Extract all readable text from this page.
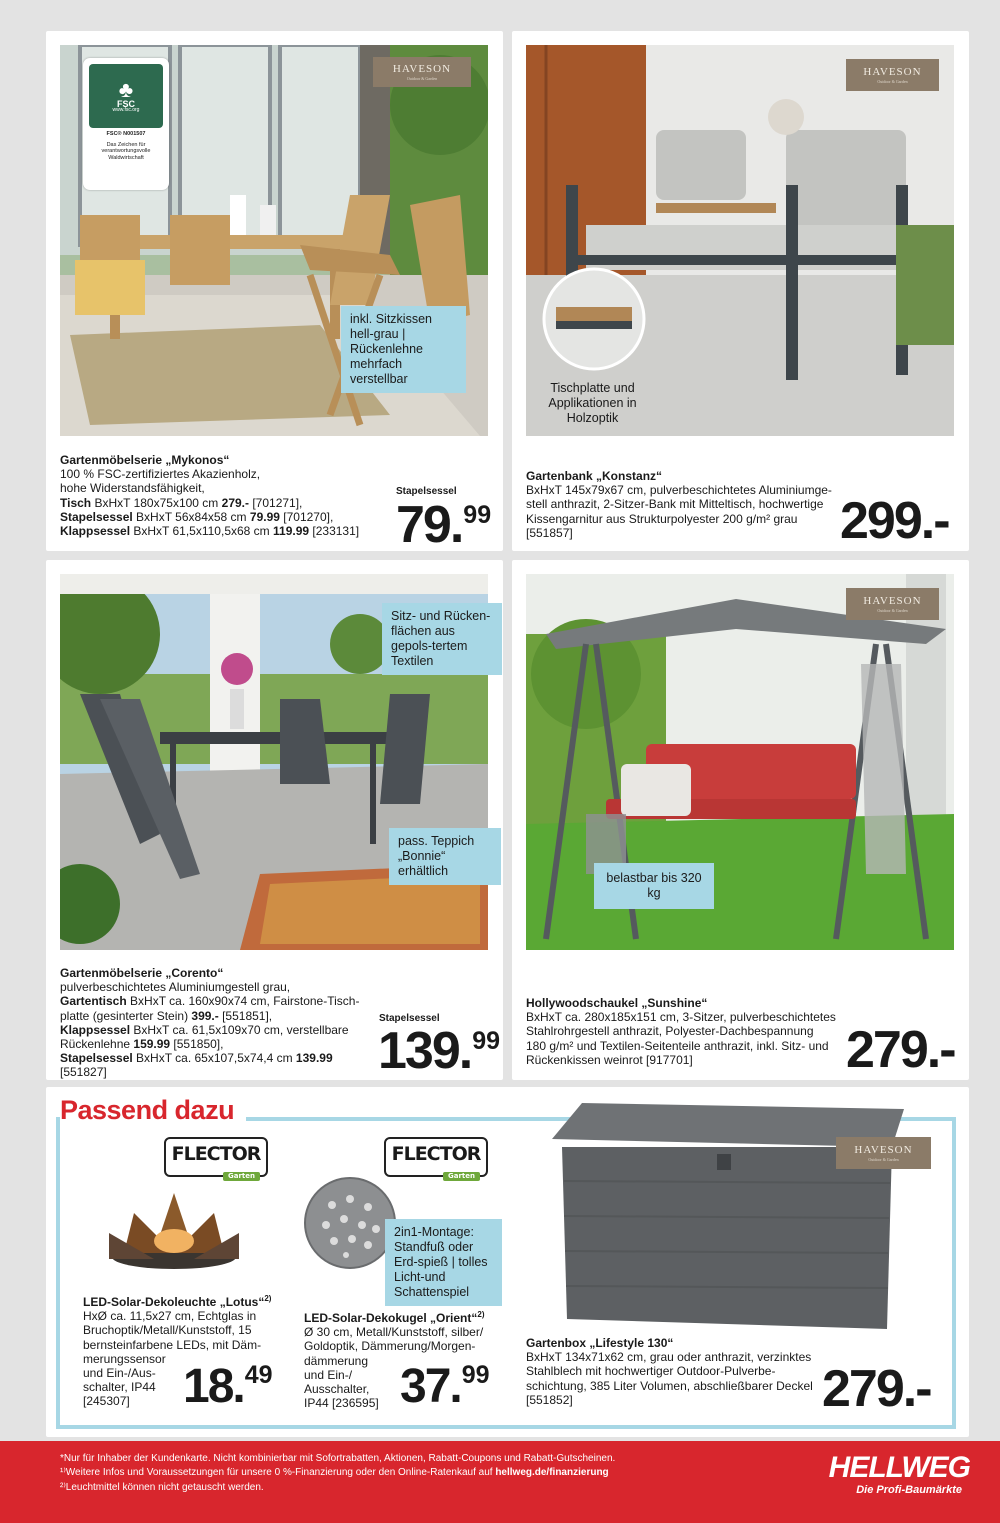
♣
FSC
www.fsc.org
FSC® N001507
Das Zeichen für verantwortungsvolle Waldwirtschaft
HAVESON
Outdoor & Garden
inkl. Sitzkissen hell-grau | Rückenlehne mehrfach verstellbar
Gartenmöbelserie „Mykonos“
100 % FSC-zertifiziertes Akazienholz,
hohe Widerstandsfähigkeit,
Tisch BxHxT 180x75x100 cm 279.- [701271],
Stapelsessel BxHxT 56x84x58 cm 79.99 [701270],
Klappsessel BxHxT 61,5x110,5x68 cm 119.99 [233131]
Stapelsessel
79.99
HAVESON
Outdoor & Garden
Tischplatte und Applikationen in Holzoptik
Gartenbank „Konstanz“
BxHxT 145x79x67 cm, pulverbeschichtetes Aluminiumge-
stell anthrazit, 2-Sitzer-Bank mit Mitteltisch, hochwertige
Kissengarnitur aus Strukturpolyester 200 g/m² grau
[551857]	299.-
Sitz- und Rücken-flächen aus gepols-tertem Textilen
pass. Teppich „Bonnie“ erhältlich
Gartenmöbelserie „Corento“
pulverbeschichtetes Aluminiumgestell grau,
Gartentisch BxHxT ca. 160x90x74 cm, Fairstone-Tisch-
platte (gesinterter Stein) 399.- [551851],
Klappsessel BxHxT ca. 61,5x109x70 cm, verstellbare
Rückenlehne 159.99 [551850],
Stapelsessel BxHxT ca. 65x107,5x74,4 cm 139.99 [551827]
Stapelsessel
139.99
HAVESON
Outdoor & Garden
belastbar bis 320 kg
Hollywoodschaukel „Sunshine“
BxHxT ca. 280x185x151 cm, 3-Sitzer, pulverbeschichtetes
Stahlrohrgestell anthrazit, Polyester-Dachbespannung
180 g/m² und Textilen-Seitenteile anthrazit, inkl. Sitz- und
Rückenkissen weinrot [917701]	279.-
Passend dazu
Garten
FLECTOR
LED-Solar-Dekoleuchte „Lotus“$^{2)}$
HxØ ca. 11,5x27 cm, Echtglas in
Bruchoptik/Metall/Kunststoff, 15
bernsteinfarbene LEDs, mit Däm-
merungssensor
und Ein-/Aus-
schalter, IP44
[245307]	18.49
Garten
FLECTOR
2in1-Montage: Standfuß oder Erd-spieß | tolles Licht-und Schattenspiel
LED-Solar-Dekokugel „Orient“$^{2)}$
Ø 30 cm, Metall/Kunststoff, silber/
Goldoptik, Dämmerung/Morgen-
dämmerung
und Ein-/
Ausschalter,
IP44 [236595] 37.99
HAVESON
Outdoor & Garden
Gartenbox „Lifestyle 130“
BxHxT 134x71x62 cm, grau oder anthrazit, verzinktes
Stahlblech mit hochwertiger Outdoor-Pulverbe-
schichtung, 385 Liter Volumen, abschließbarer Deckel
[551852]	279.-
*Nur für Inhaber der Kundenkarte. Nicht kombinierbar mit Sofortrabatten, Aktionen, Rabatt-Coupons und Rabatt-Gutscheinen.
¹⁾Weitere Infos und Voraussetzungen für unsere 0 %-Finanzierung oder den Online-Ratenkauf auf hellweg.de/finanzierung
²⁾Leuchtmittel können nicht getauscht werden.
HELLWEG
Die Profi-Baumärkte
